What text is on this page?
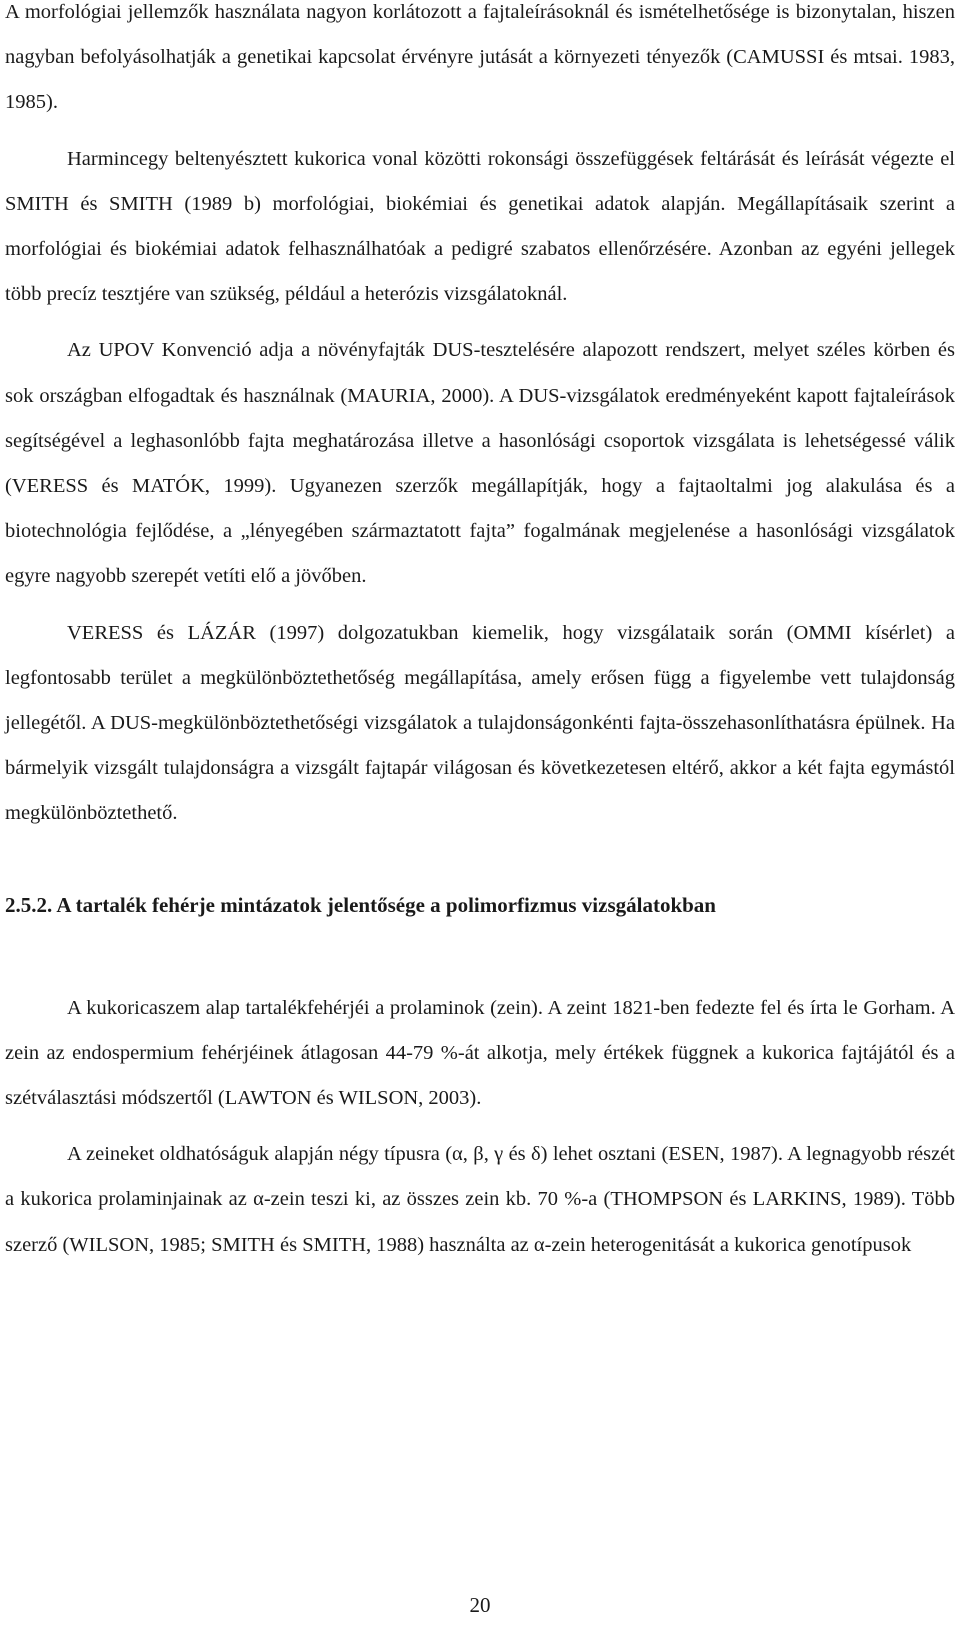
A morfológiai jellemzők használata nagyon korlátozott a fajtaleírásoknál és ismételhetősége is bizonytalan, hiszen nagyban befolyásolhatják a genetikai kapcsolat érvényre jutását a környezeti tényezők (CAMUSSI és mtsai. 1983, 1985).

Harmincegy beltenyésztett kukorica vonal közötti rokonsági összefüggések feltárását és leírását végezte el SMITH és SMITH (1989 b) morfológiai, biokémiai és genetikai adatok alapján. Megállapításaik szerint a morfológiai és biokémiai adatok felhasználhatóak a pedigré szabatos ellenőrzésére. Azonban az egyéni jellegek több precíz tesztjére van szükség, például a heterózis vizsgálatoknál.

Az UPOV Konvenció adja a növényfajták DUS-tesztelésére alapozott rendszert, melyet széles körben és sok országban elfogadtak és használnak (MAURIA, 2000). A DUS-vizsgálatok eredményeként kapott fajtaleírások segítségével a leghasonlóbb fajta meghatározása illetve a hasonlósági csoportok vizsgálata is lehetségessé válik (VERESS és MATÓK, 1999). Ugyanezen szerzők megállapítják, hogy a fajtaoltalmi jog alakulása és a biotechnológia fejlődése, a „lényegében származtatott fajta” fogalmának megjelenése a hasonlósági vizsgálatok egyre nagyobb szerepét vetíti elő a jövőben.

VERESS és LÁZÁR (1997) dolgozatukban kiemelik, hogy vizsgálataik során (OMMI kísérlet) a legfontosabb terület a megkülönböztethetőség megállapítása, amely erősen függ a figyelembe vett tulajdonság jellegétől. A DUS-megkülönböztethetőségi vizsgálatok a tulajdonságonkénti fajta-összehasonlíthatásra épülnek. Ha bármelyik vizsgált tulajdonságra a vizsgált fajtapár világosan és következetesen eltérő, akkor a két fajta egymástól megkülönböztethető.

2.5.2. A tartalék fehérje mintázatok jelentősége a polimorfizmus vizsgálatokban

A kukoricaszem alap tartalékfehérjéi a prolaminok (zein). A zeint 1821-ben fedezte fel és írta le Gorham. A zein az endospermium fehérjéinek átlagosan 44-79 %-át alkotja, mely értékek függnek a kukorica fajtájától és a szétválasztási módszertől (LAWTON és WILSON, 2003).

A zeineket oldhatóságuk alapján négy típusra (α, β, γ és δ) lehet osztani (ESEN, 1987). A legnagyobb részét a kukorica prolaminjainak az α-zein teszi ki, az összes zein kb. 70 %-a (THOMPSON és LARKINS, 1989). Több szerző (WILSON, 1985; SMITH és SMITH, 1988) használta az α-zein heterogenitását a kukorica genotípusok

20
